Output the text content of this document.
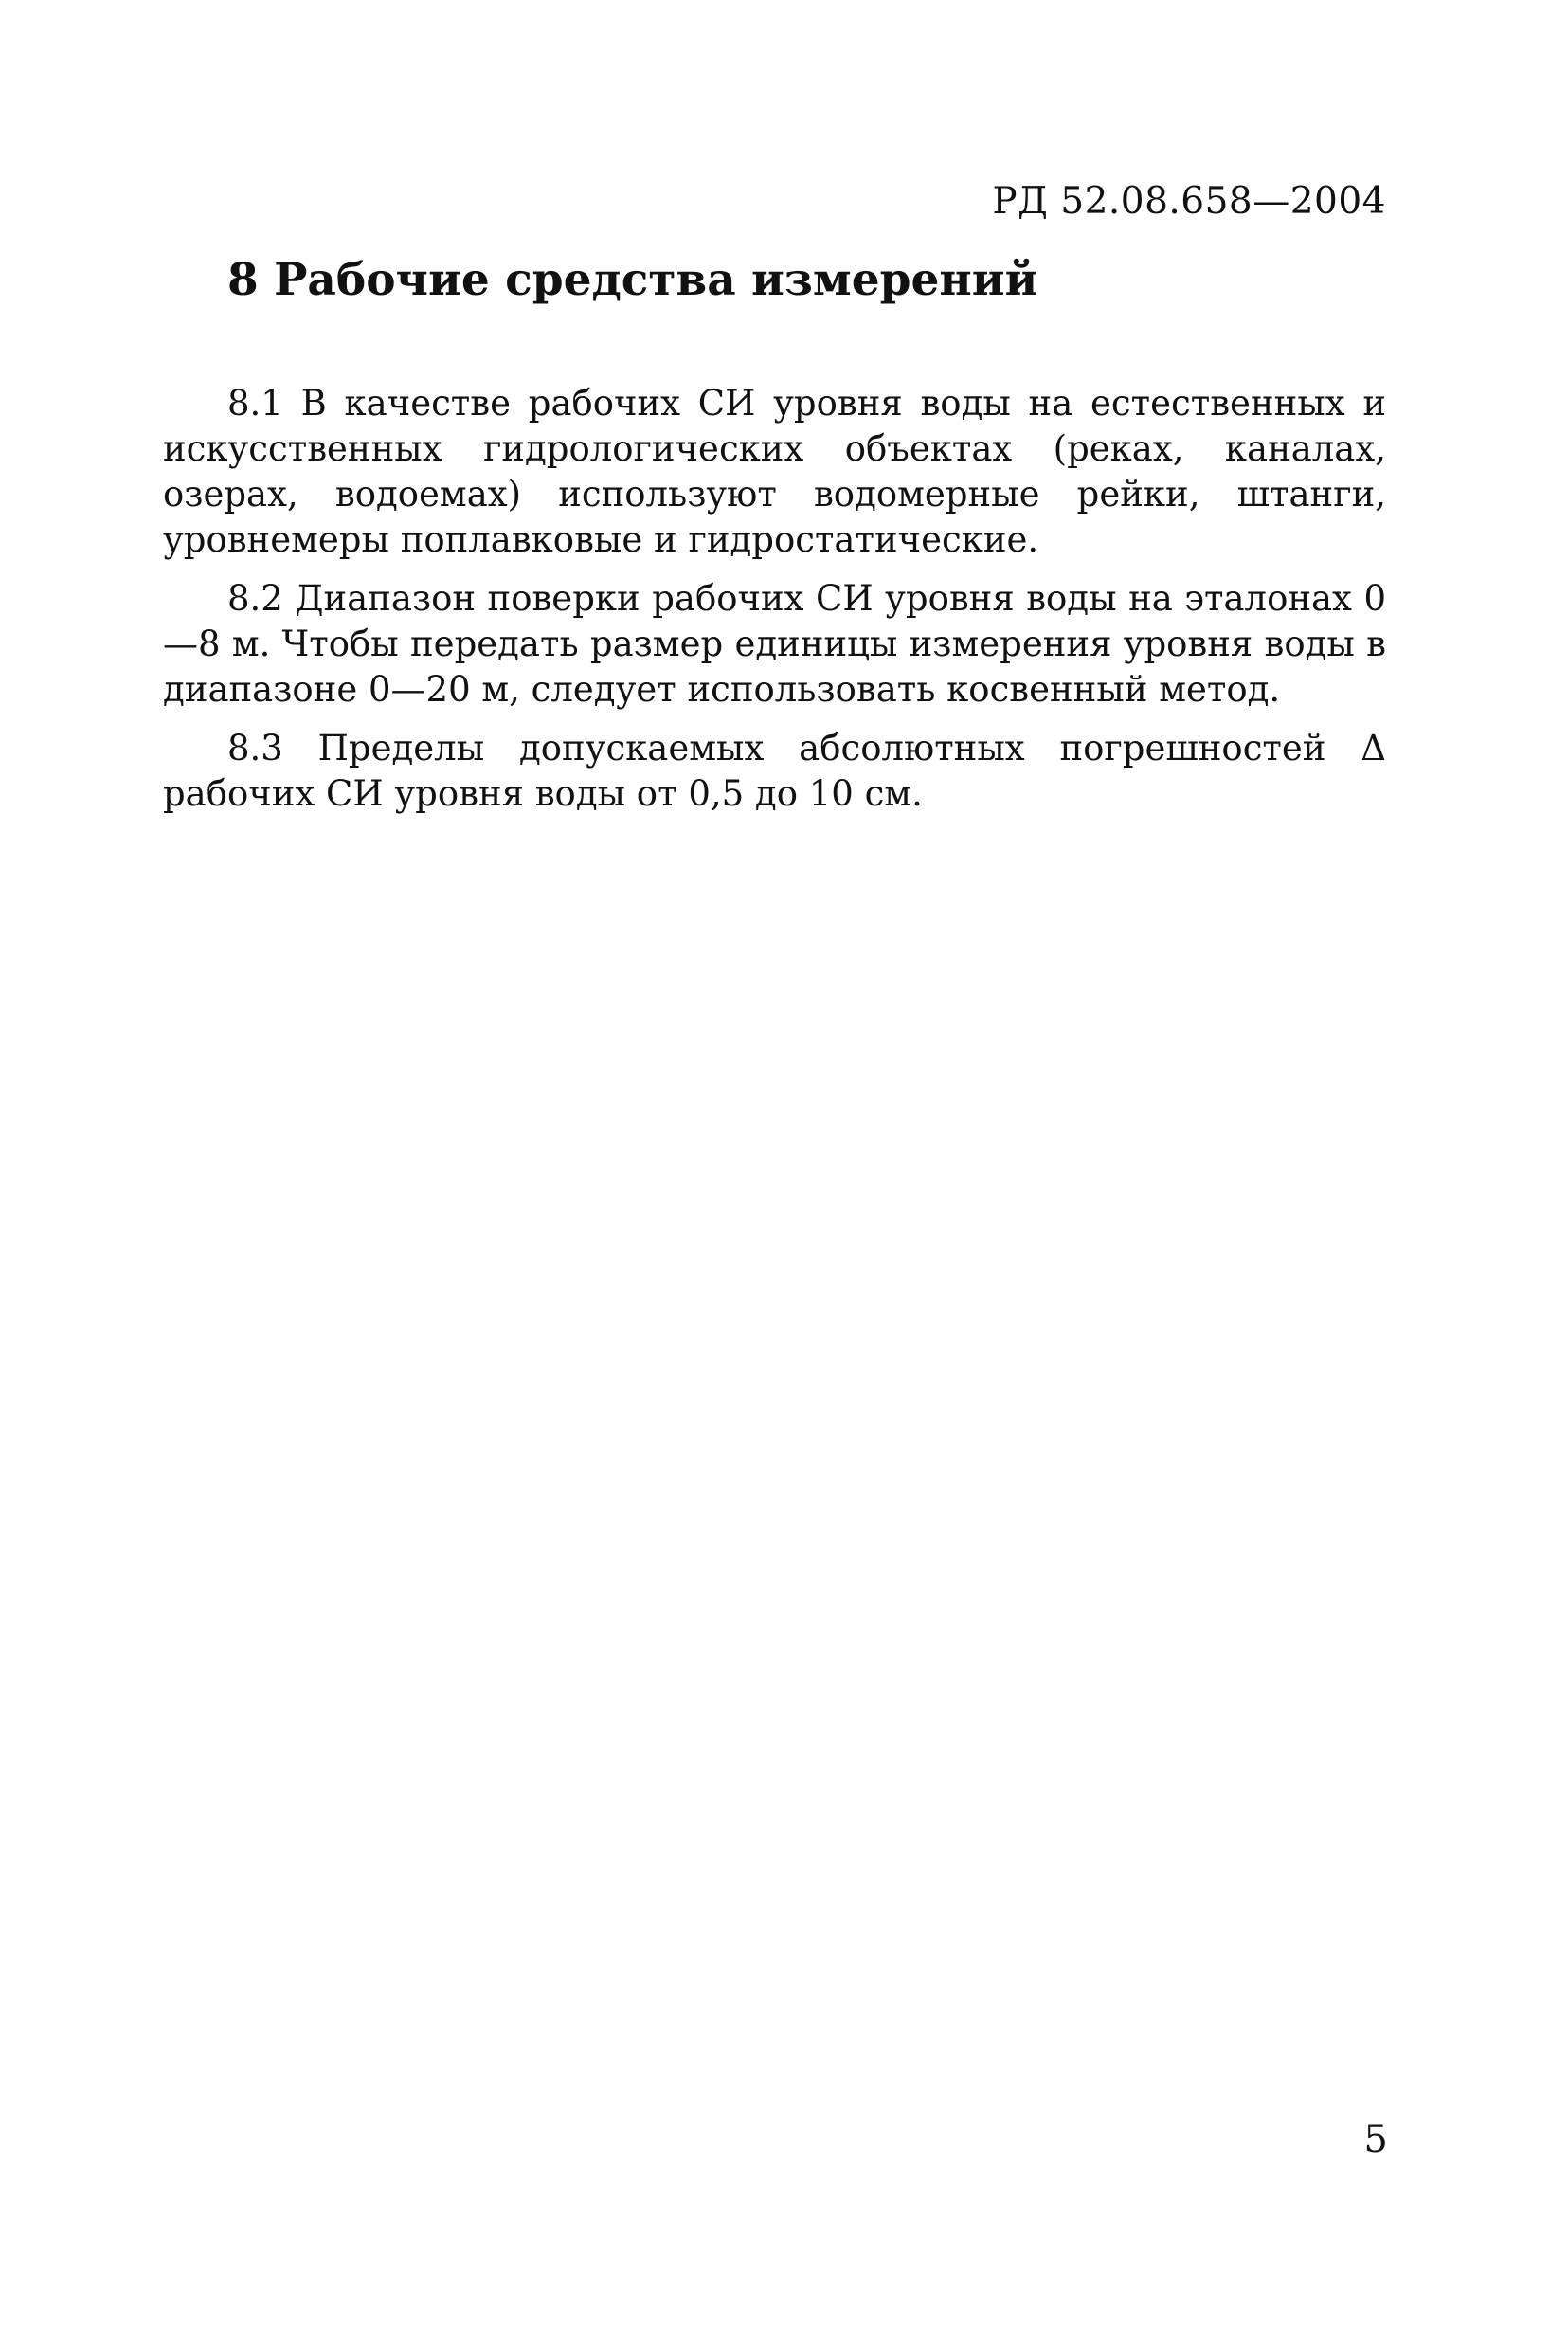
РД 52.08.658—2004
8 Рабочие средства измерений

8.1 В качестве рабочих СИ уровня воды на естественных и искусственных гидрологических объектах (реках, каналах, озерах, водоемах) используют водомерные рейки, штанги, уровнемеры поплавковые и гидростатические.

8.2 Диапазон поверки рабочих СИ уровня воды на эталонах 0—8 м. Чтобы передать размер единицы измерения уровня воды в диапазоне 0—20 м, следует использовать косвенный метод.

8.3 Пределы допускаемых абсолютных погрешностей Δ рабочих СИ уровня воды от 0,5 до 10 см.

5
